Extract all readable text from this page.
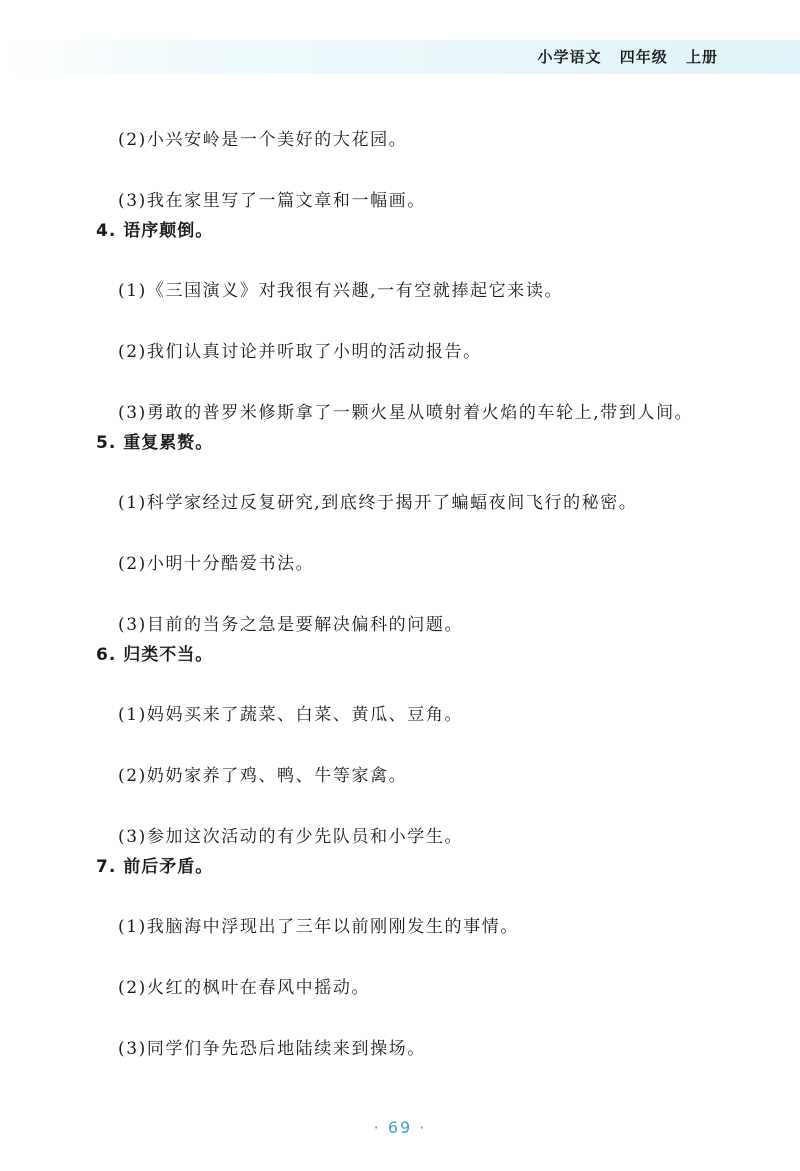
小学语文 四年级 上册
(2)小兴安岭是一个美好的大花园。
(3)我在家里写了一篇文章和一幅画。
4. 语序颠倒。
(1)《三国演义》对我很有兴趣,一有空就捧起它来读。
(2)我们认真讨论并听取了小明的活动报告。
(3)勇敢的普罗米修斯拿了一颗火星从喷射着火焰的车轮上,带到人间。
5. 重复累赘。
(1)科学家经过反复研究,到底终于揭开了蝙蝠夜间飞行的秘密。
(2)小明十分酷爱书法。
(3)目前的当务之急是要解决偏科的问题。
6. 归类不当。
(1)妈妈买来了蔬菜、白菜、黄瓜、豆角。
(2)奶奶家养了鸡、鸭、牛等家禽。
(3)参加这次活动的有少先队员和小学生。
7. 前后矛盾。
(1)我脑海中浮现出了三年以前刚刚发生的事情。
(2)火红的枫叶在春风中摇动。
(3)同学们争先恐后地陆续来到操场。
· 69 ·
